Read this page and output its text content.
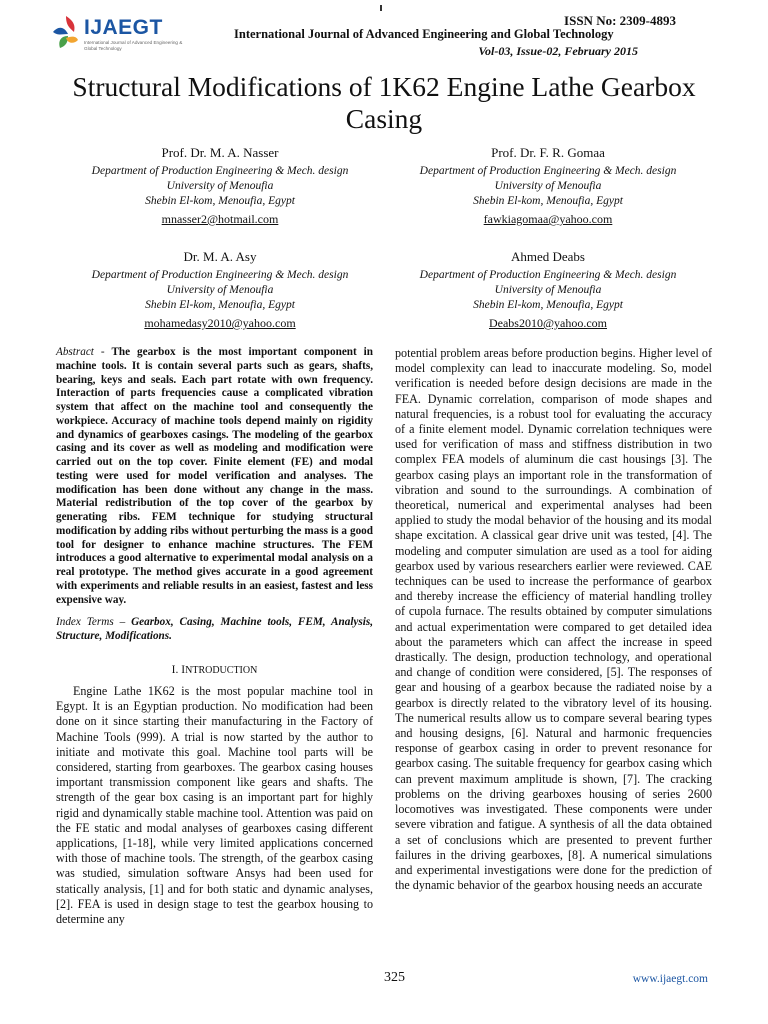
IJAEGT
International Journal of Advanced Engineering & Global Technology
ISSN No: 2309-4893
International Journal of Advanced Engineering and Global Technology
Vol-03, Issue-02, February 2015
Structural Modifications of 1K62 Engine Lathe Gearbox Casing
Prof. Dr. M. A. Nasser
Department of Production Engineering & Mech. design
University of Menoufia
Shebin El-kom, Menoufia, Egypt
mnasser2@hotmail.com
Prof. Dr. F. R. Gomaa
Department of Production Engineering & Mech. design
University of Menoufia
Shebin El-kom, Menoufia, Egypt
fawkiagomaa@yahoo.com
Dr. M. A. Asy
Department of Production Engineering & Mech. design
University of Menoufia
Shebin El-kom, Menoufia, Egypt
mohamedasy2010@yahoo.com
Ahmed Deabs
Department of Production Engineering & Mech. design
University of Menoufia
Shebin El-kom, Menoufia, Egypt
Deabs2010@yahoo.com
Abstract - The gearbox is the most important component in machine tools. It is contain several parts such as gears, shafts, bearing, keys and seals. Each part rotate with own frequency. Interaction of parts frequencies cause a complicated vibration system that affect on the machine tool and consequently the workpiece. Accuracy of machine tools depend mainly on rigidity and dynamics of gearboxes casings. The modeling of the gearbox casing and its cover as well as modeling and modification were carried out on the top cover. Finite element (FE) and modal testing were used for model verification and analyses. The modification has been done without any change in the mass. Material redistribution of the top cover of the gearbox by generating ribs. FEM technique for studying structural modification by adding ribs without perturbing the mass is a good tool for designer to enhance machine structures. The FEM introduces a good alternative to experimental modal analysis on a real prototype. The method gives accurate in a good agreement with experiments and reliable results in an easiest, fastest and less expensive way.
Index Terms – Gearbox, Casing, Machine tools, FEM, Analysis, Structure, Modifications.
I. INTRODUCTION

Engine Lathe 1K62 is the most popular machine tool in Egypt. It is an Egyptian production. No modification had been done on it since starting their manufacturing in the Factory of Machine Tools (999). A trial is now started by the author to initiate and motivate this goal. Machine tool parts will be considered, starting from gearboxes. The gearbox casing houses important transmission component like gears and shafts. The strength of the gear box casing is an important part for highly rigid and dynamically stable machine tool. Attention was paid on the FE static and modal analyses of gearboxes casing different applications, [1-18], while very limited applications concerned with those of machine tools. The strength, of the gearbox casing was studied, simulation software Ansys had been used for statically analysis, [1] and for both static and dynamic analyses, [2]. FEA is used in design stage to test the gearbox housing to determine any

potential problem areas before production begins. Higher level of model complexity can lead to inaccurate modeling. So, model verification is needed before design decisions are made in the FEA. Dynamic correlation, comparison of mode shapes and natural frequencies, is a robust tool for evaluating the accuracy of a finite element model. Dynamic correlation techniques were used for verification of mass and stiffness distribution in two complex FEA models of aluminum die cast housings [3]. The gearbox casing plays an important role in the transformation of vibration and sound to the surroundings. A combination of theoretical, numerical and experimental analyses had been applied to study the modal behavior of the housing and its modal shape excitation. A classical gear drive unit was tested, [4]. The modeling and computer simulation are used as a tool for aiding gearbox used by various researchers earlier were reviewed. CAE techniques can be used to increase the performance of gearbox and thereby increase the efficiency of material handling trolley of cupola furnace. The results obtained by computer simulations and actual experimentation were compared to get detailed idea about the parameters which can affect the increase in speed drastically. The design, production technology, and operational and change of condition were considered, [5]. The responses of gear and housing of a gearbox because the radiated noise by a gearbox is directly related to the vibratory level of its housing. The numerical results allow us to compare several bearing types and housing designs, [6]. Natural and harmonic frequencies response of gearbox casing in order to prevent resonance for gearbox casing. The suitable frequency for gearbox casing which can prevent maximum amplitude is shown, [7]. The cracking problems on the driving gearboxes housing of series 2600 locomotives was investigated. These components were under severe vibration and fatigue. A synthesis of all the data obtained a set of conclusions which are presented to prevent further failures in the driving gearboxes, [8]. A numerical simulations and experimental investigations were done for the prediction of the dynamic behavior of the gearbox housing needs an accurate

325	www.ijaegt.com
